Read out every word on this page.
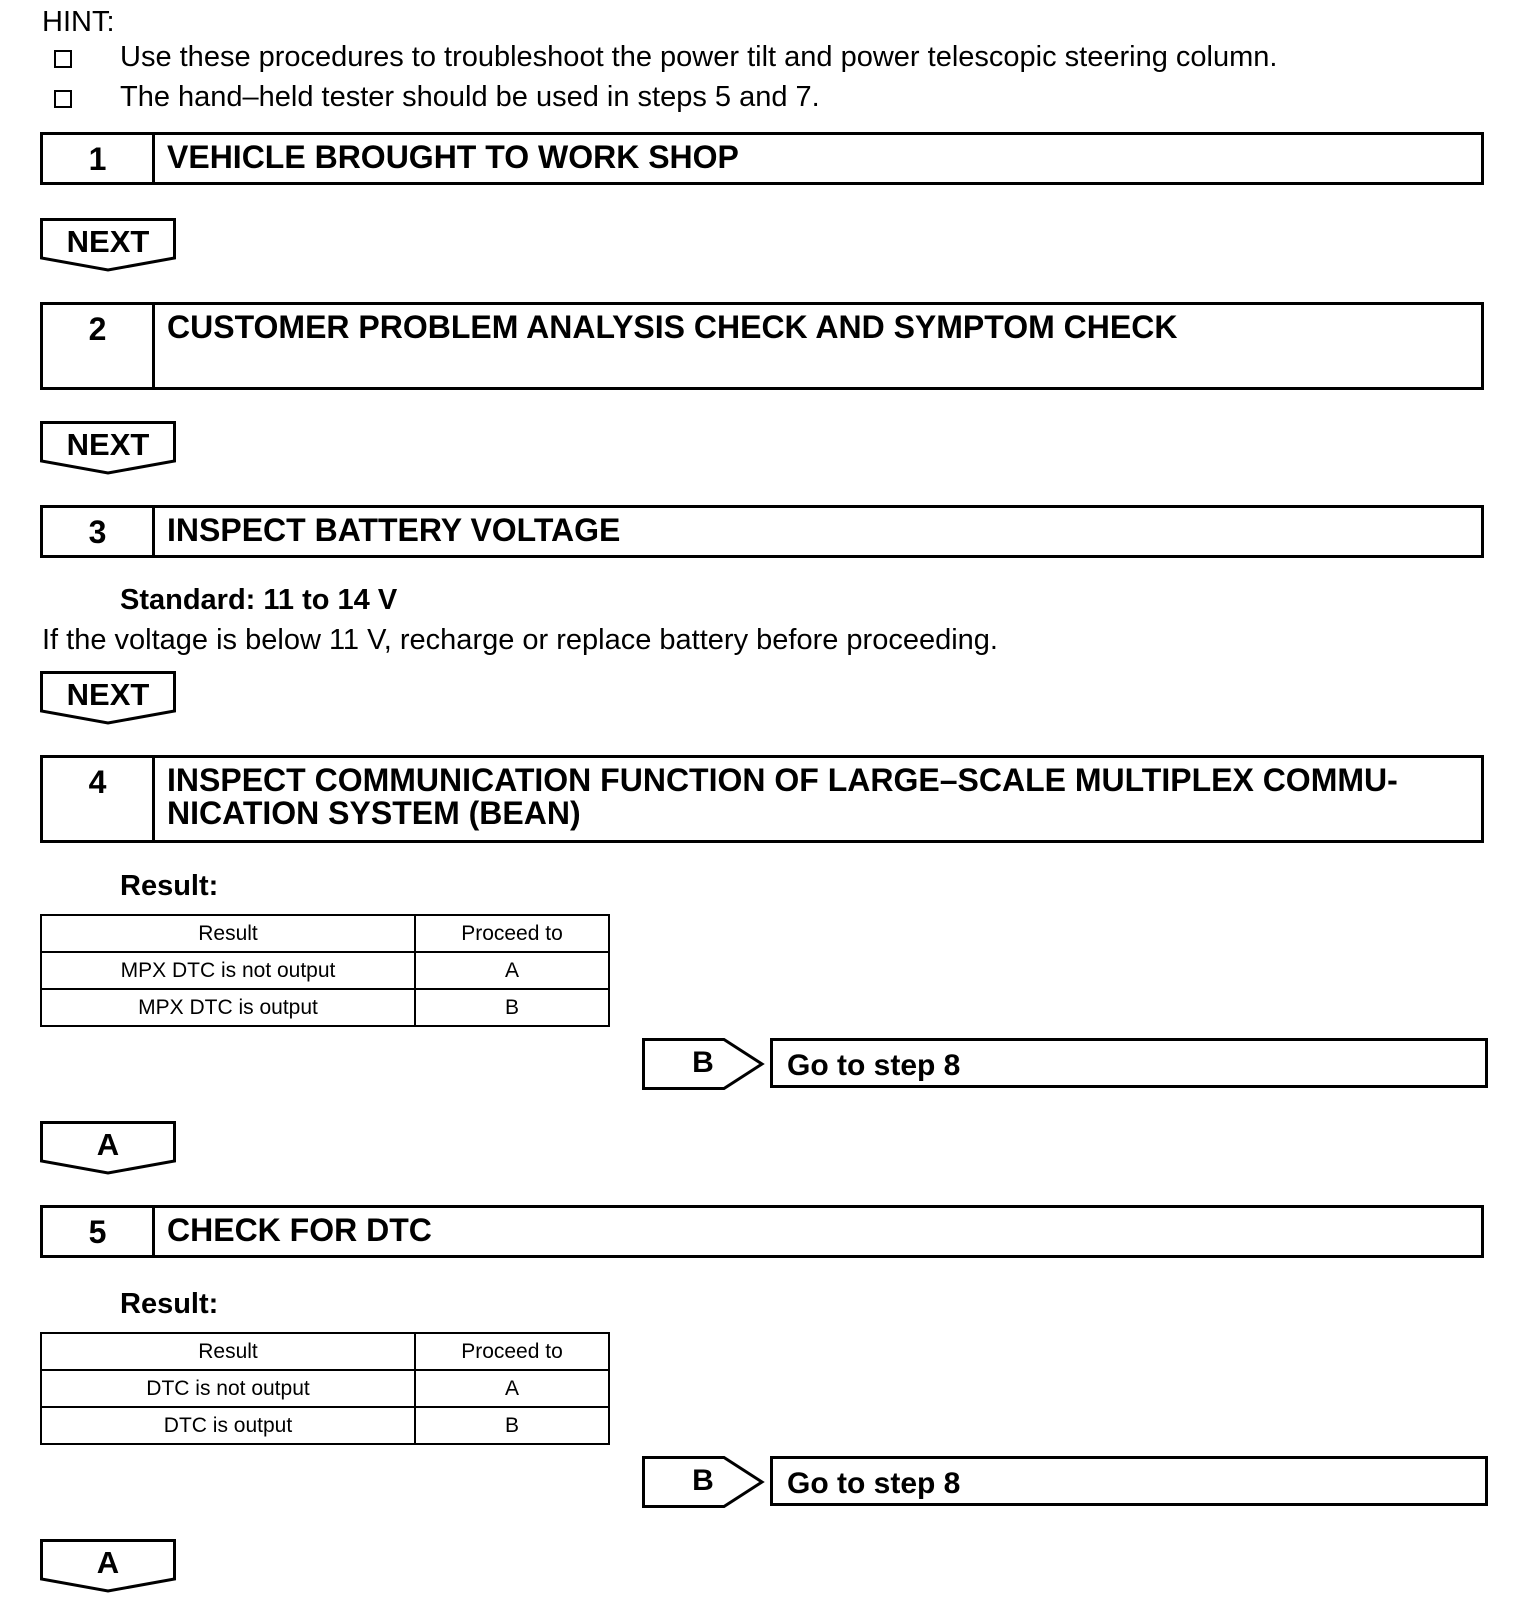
HINT:
Use these procedures to troubleshoot the power tilt and power telescopic steering column.
The hand–held tester should be used in steps 5 and 7.
1	VEHICLE BROUGHT TO WORK SHOP
NEXT
2	CUSTOMER PROBLEM ANALYSIS CHECK AND SYMPTOM CHECK
NEXT
3	INSPECT BATTERY VOLTAGE
Standard: 11 to 14 V
If the voltage is below 11 V, recharge or replace battery before proceeding.
NEXT
4	INSPECT COMMUNICATION FUNCTION OF LARGE–SCALE MULTIPLEX COMMU-
NICATION SYSTEM (BEAN)
Result:
Result	Proceed to
MPX DTC is not output	A
MPX DTC is output	B
B	Go to step 8
A
5	CHECK FOR DTC
Result:
Result	Proceed to
DTC is not output	A
DTC is output	B
B	Go to step 8
A
